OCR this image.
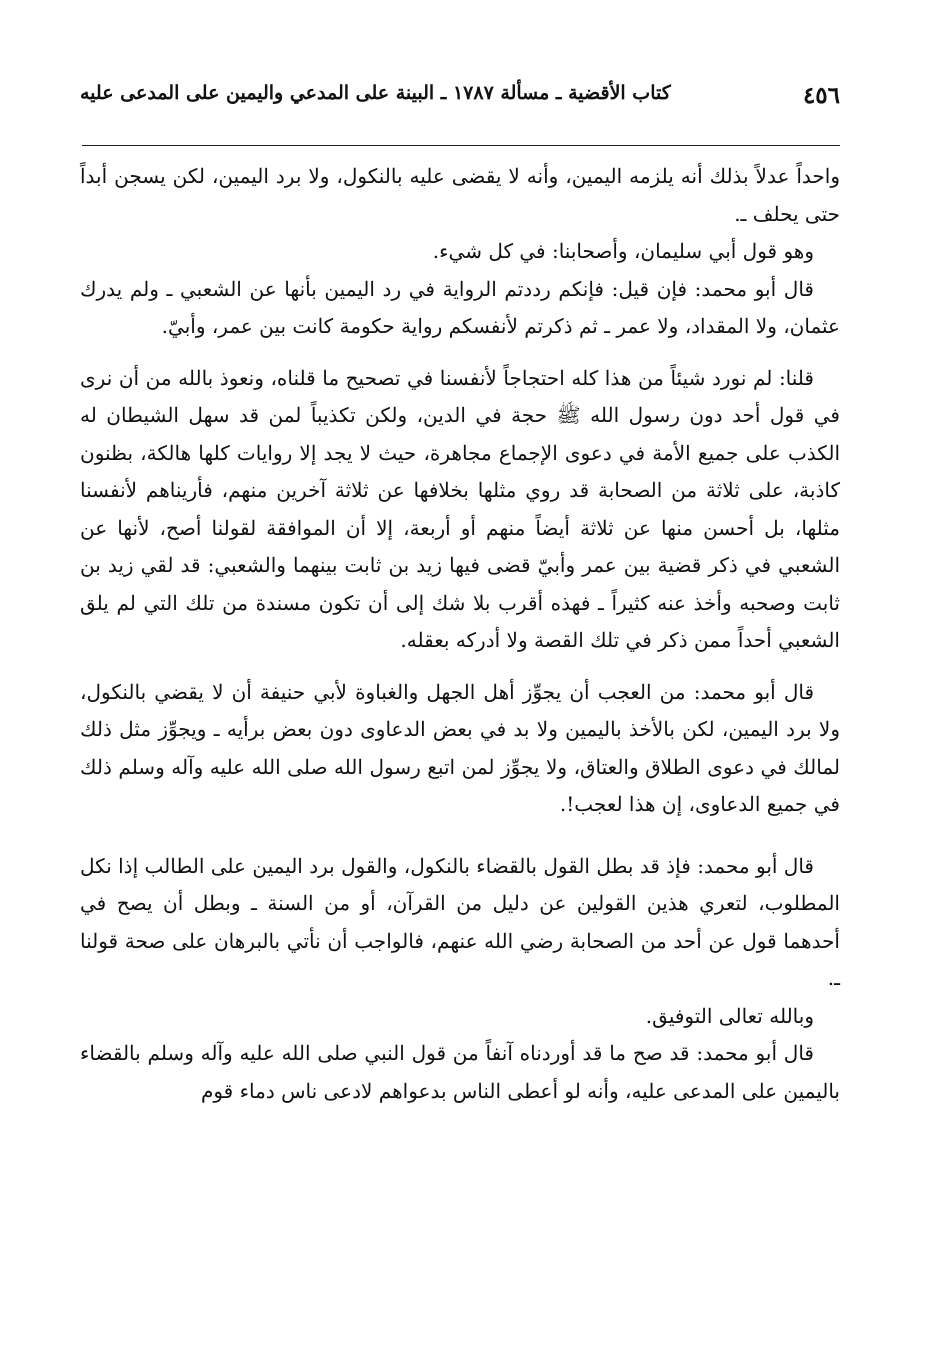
٤٥٦
كتاب الأقضية ـ مسألة ١٧٨٧ ـ البينة على المدعي واليمين على المدعى عليه

واحداً عدلاً بذلك أنه يلزمه اليمين، وأنه لا يقضى عليه بالنكول، ولا برد اليمين، لكن يسجن أبداً حتى يحلف ـ.

وهو قول أبي سليمان، وأصحابنا: في كل شيء.

قال أبو محمد: فإن قيل: فإنكم رددتم الرواية في رد اليمين بأنها عن الشعبي ـ ولم يدرك عثمان، ولا المقداد، ولا عمر ـ ثم ذكرتم لأنفسكم رواية حكومة كانت بين عمر، وأبيّ.

قلنا: لم نورد شيئاً من هذا كله احتجاجاً لأنفسنا في تصحيح ما قلناه، ونعوذ بالله من أن نرى في قول أحد دون رسول الله ﷺ حجة في الدين، ولكن تكذيباً لمن قد سهل الشيطان له الكذب على جميع الأمة في دعوى الإجماع مجاهرة، حيث لا يجد إلا روايات كلها هالكة، بظنون كاذبة، على ثلاثة من الصحابة قد روي مثلها بخلافها عن ثلاثة آخرين منهم، فأريناهم لأنفسنا مثلها، بل أحسن منها عن ثلاثة أيضاً منهم أو أربعة، إلا أن الموافقة لقولنا أصح، لأنها عن الشعبي في ذكر قضية بين عمر وأبيّ قضى فيها زيد بن ثابت بينهما والشعبي: قد لقي زيد بن ثابت وصحبه وأخذ عنه كثيراً ـ فهذه أقرب بلا شك إلى أن تكون مسندة من تلك التي لم يلق الشعبي أحداً ممن ذكر في تلك القصة ولا أدركه بعقله.

قال أبو محمد: من العجب أن يجوِّز أهل الجهل والغباوة لأبي حنيفة أن لا يقضي بالنكول، ولا برد اليمين، لكن بالأخذ باليمين ولا بد في بعض الدعاوى دون بعض برأيه ـ ويجوِّز مثل ذلك لمالك في دعوى الطلاق والعتاق، ولا يجوِّز لمن اتبع رسول الله صلى الله عليه وآله وسلم ذلك في جميع الدعاوى، إن هذا لعجب!.

قال أبو محمد: فإذ قد بطل القول بالقضاء بالنكول، والقول برد اليمين على الطالب إذا نكل المطلوب، لتعري هذين القولين عن دليل من القرآن، أو من السنة ـ وبطل أن يصح في أحدهما قول عن أحد من الصحابة رضي الله عنهم، فالواجب أن نأتي بالبرهان على صحة قولنا ـ.

وبالله تعالى التوفيق.

قال أبو محمد: قد صح ما قد أوردناه آنفاً من قول النبي صلى الله عليه وآله وسلم بالقضاء باليمين على المدعى عليه، وأنه لو أعطى الناس بدعواهم لادعى ناس دماء قوم
